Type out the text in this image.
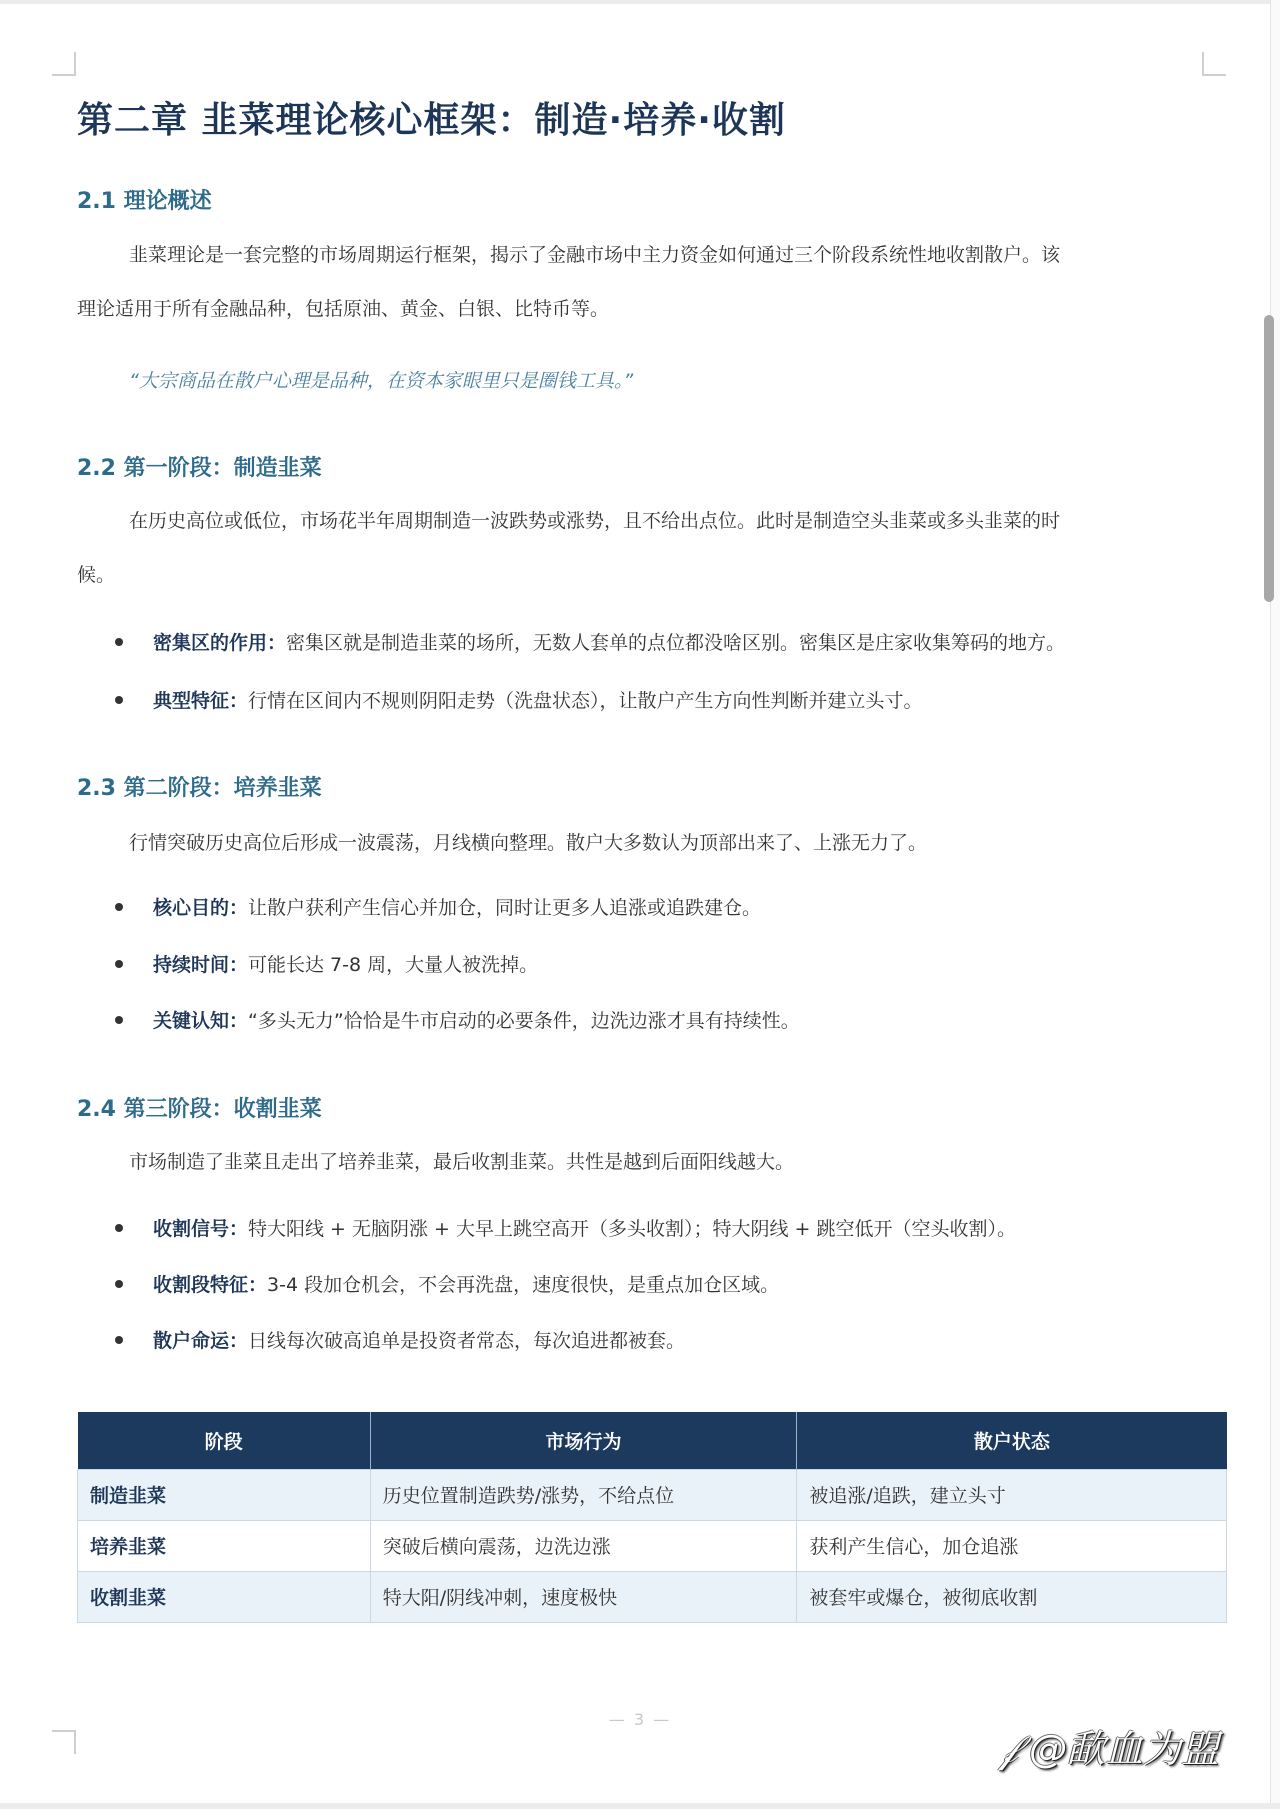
第二章 韭菜理论核心框架：制造·培养·收割
2.1 理论概述
韭菜理论是一套完整的市场周期运行框架，揭示了金融市场中主力资金如何通过三个阶段系统性地收割散户。该
理论适用于所有金融品种，包括原油、黄金、白银、比特币等。
“大宗商品在散户心理是品种，在资本家眼里只是圈钱工具。”
2.2 第一阶段：制造韭菜
在历史高位或低位，市场花半年周期制造一波跌势或涨势，且不给出点位。此时是制造空头韭菜或多头韭菜的时
候。
密集区的作用： 密集区就是制造韭菜的场所，无数人套单的点位都没啥区别。密集区是庄家收集筹码的地方。
典型特征： 行情在区间内不规则阴阳走势（洗盘状态），让散户产生方向性判断并建立头寸。
2.3 第二阶段：培养韭菜
行情突破历史高位后形成一波震荡，月线横向整理。散户大多数认为顶部出来了、上涨无力了。
核心目的： 让散户获利产生信心并加仓，同时让更多人追涨或追跌建仓。
持续时间： 可能长达 7-8 周，大量人被洗掉。
关键认知： “多头无力”恰恰是牛市启动的必要条件，边洗边涨才具有持续性。
2.4 第三阶段：收割韭菜
市场制造了韭菜且走出了培养韭菜，最后收割韭菜。共性是越到后面阳线越大。
收割信号： 特大阳线 + 无脑阴涨 + 大早上跳空高开（多头收割）；特大阴线 + 跳空低开（空头收割）。
收割段特征： 3-4 段加仓机会，不会再洗盘，速度很快，是重点加仓区域。
散户命运： 日线每次破高追单是投资者常态，每次追进都被套。
阶段	市场行为	散户状态
制造韭菜	历史位置制造跌势/涨势，不给点位	被追涨/追跌，建立头寸
培养韭菜	突破后横向震荡，边洗边涨	获利产生信心，加仓追涨
收割韭菜	特大阳/阴线冲刺，速度极快	被套牢或爆仓，被彻底收割
— 3 —
𝒻 @歃血为盟
